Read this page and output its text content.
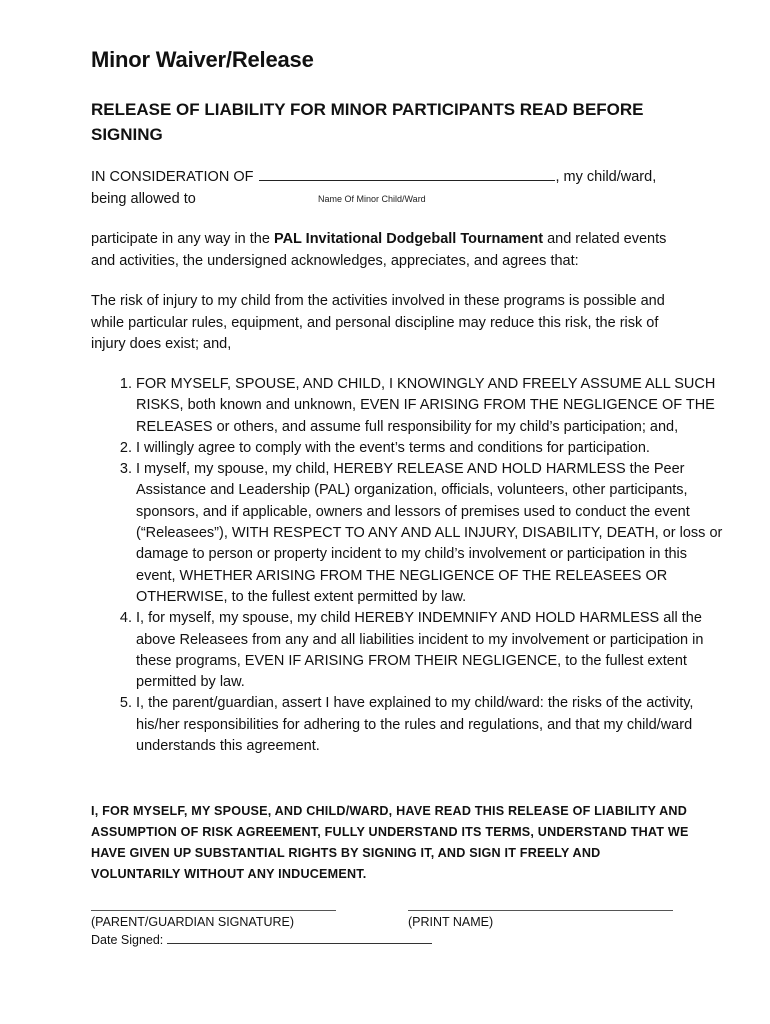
Minor Waiver/Release
RELEASE OF LIABILITY FOR MINOR PARTICIPANTS READ BEFORE SIGNING
IN CONSIDERATION OF	, my child/ward,
being allowed to	Name Of Minor Child/Ward
participate in any way in the PAL Invitational Dodgeball Tournament and related events and activities, the undersigned acknowledges, appreciates, and agrees that:
The risk of injury to my child from the activities involved in these programs is possible and while particular rules, equipment, and personal discipline may reduce this risk, the risk of injury does exist; and,
1. FOR MYSELF, SPOUSE, AND CHILD, I KNOWINGLY AND FREELY ASSUME ALL SUCH RISKS, both known and unknown, EVEN IF ARISING FROM THE NEGLIGENCE OF THE RELEASES or others, and assume full responsibility for my child’s participation; and,
2. I willingly agree to comply with the event’s terms and conditions for participation.
3. I myself, my spouse, my child, HEREBY RELEASE AND HOLD HARMLESS the Peer Assistance and Leadership (PAL) organization, officials, volunteers, other participants, sponsors, and if applicable, owners and lessors of premises used to conduct the event (“Releasees”), WITH RESPECT TO ANY AND ALL INJURY, DISABILITY, DEATH, or loss or damage to person or property incident to my child’s involvement or participation in this event, WHETHER ARISING FROM THE NEGLIGENCE OF THE RELEASEES OR OTHERWISE, to the fullest extent permitted by law.
4. I, for myself, my spouse, my child HEREBY INDEMNIFY AND HOLD HARMLESS all the above Releasees from any and all liabilities incident to my involvement or participation in these programs, EVEN IF ARISING FROM THEIR NEGLIGENCE, to the fullest extent permitted by law.
5. I, the parent/guardian, assert I have explained to my child/ward: the risks of the activity, his/her responsibilities for adhering to the rules and regulations, and that my child/ward understands this agreement.
I, FOR MYSELF, MY SPOUSE, AND CHILD/WARD, HAVE READ THIS RELEASE OF LIABILITY AND ASSUMPTION OF RISK AGREEMENT, FULLY UNDERSTAND ITS TERMS, UNDERSTAND THAT WE HAVE GIVEN UP SUBSTANTIAL RIGHTS BY SIGNING IT, AND SIGN IT FREELY AND VOLUNTARILY WITHOUT ANY INDUCEMENT.
(PARENT/GUARDIAN SIGNATURE)	(PRINT NAME)
Date Signed:
